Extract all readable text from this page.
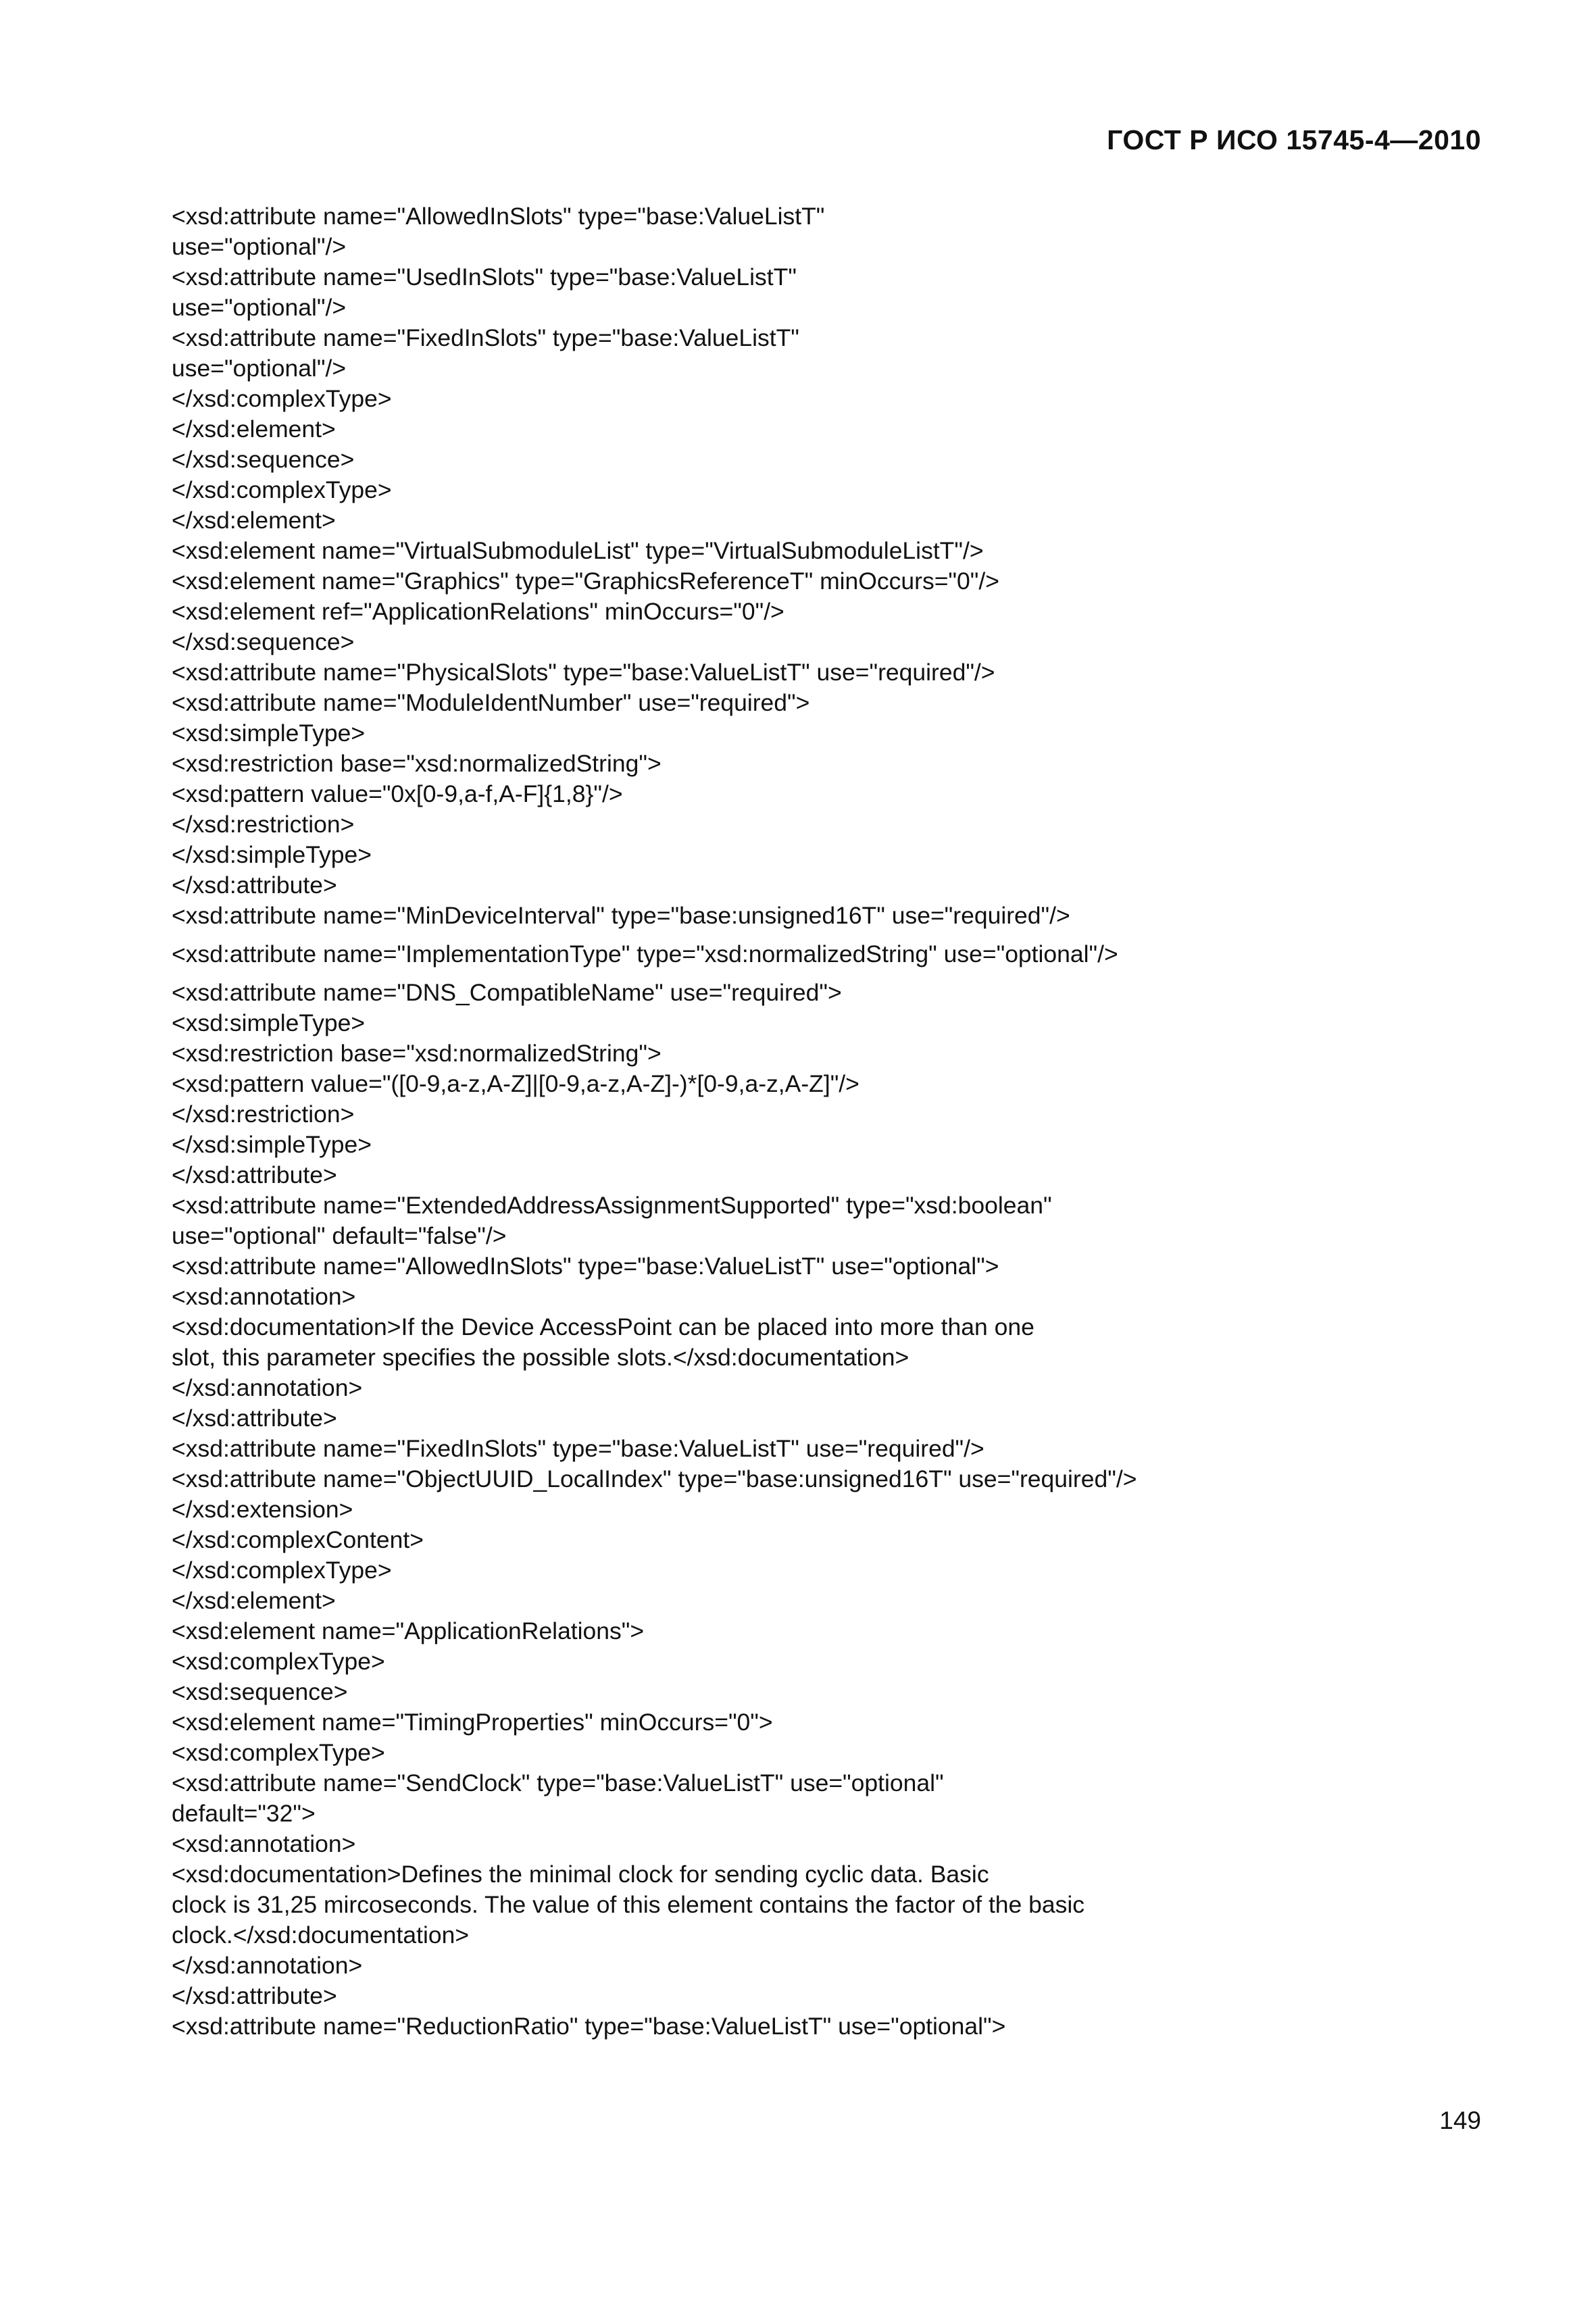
ГОСТ Р ИСО 15745-4—2010
<xsd:attribute name="AllowedInSlots" type="base:ValueListT"
use="optional"/>
<xsd:attribute name="UsedInSlots" type="base:ValueListT"
use="optional"/>
<xsd:attribute name="FixedInSlots" type="base:ValueListT"
use="optional"/>
</xsd:complexType>
</xsd:element>
</xsd:sequence>
</xsd:complexType>
</xsd:element>
<xsd:element name="VirtualSubmoduleList" type="VirtualSubmoduleListT"/>
<xsd:element name="Graphics" type="GraphicsReferenceT" minOccurs="0"/>
<xsd:element ref="ApplicationRelations" minOccurs="0"/>
</xsd:sequence>
<xsd:attribute name="PhysicalSlots" type="base:ValueListT" use="required"/>
<xsd:attribute name="ModuleIdentNumber" use="required">
<xsd:simpleType>
<xsd:restriction base="xsd:normalizedString">
<xsd:pattern value="0x[0-9,a-f,A-F]{1,8}"/>
</xsd:restriction>
</xsd:simpleType>
</xsd:attribute>
<xsd:attribute name="MinDeviceInterval" type="base:unsigned16T" use="required"/>
<xsd:attribute name="ImplementationType" type="xsd:normalizedString" use="optional"/>
<xsd:attribute name="DNS_CompatibleName" use="required">
<xsd:simpleType>
<xsd:restriction base="xsd:normalizedString">
<xsd:pattern value="([0-9,a-z,A-Z]|[0-9,a-z,A-Z]-)*[0-9,a-z,A-Z]"/>
</xsd:restriction>
</xsd:simpleType>
</xsd:attribute>
<xsd:attribute name="ExtendedAddressAssignmentSupported" type="xsd:boolean"
use="optional" default="false"/>
<xsd:attribute name="AllowedInSlots" type="base:ValueListT" use="optional">
<xsd:annotation>
<xsd:documentation>If the Device AccessPoint can be placed into more than one
slot, this parameter specifies the possible slots.</xsd:documentation>
</xsd:annotation>
</xsd:attribute>
<xsd:attribute name="FixedInSlots" type="base:ValueListT" use="required"/>
<xsd:attribute name="ObjectUUID_LocalIndex" type="base:unsigned16T" use="required"/>
</xsd:extension>
</xsd:complexContent>
</xsd:complexType>
</xsd:element>
<xsd:element name="ApplicationRelations">
<xsd:complexType>
<xsd:sequence>
<xsd:element name="TimingProperties" minOccurs="0">
<xsd:complexType>
<xsd:attribute name="SendClock" type="base:ValueListT" use="optional"
default="32">
<xsd:annotation>
<xsd:documentation>Defines the minimal clock for sending cyclic data. Basic
clock is 31,25 mircoseconds. The value of this element contains the factor of the basic
clock.</xsd:documentation>
</xsd:annotation>
</xsd:attribute>
<xsd:attribute name="ReductionRatio" type="base:ValueListT" use="optional">
149
